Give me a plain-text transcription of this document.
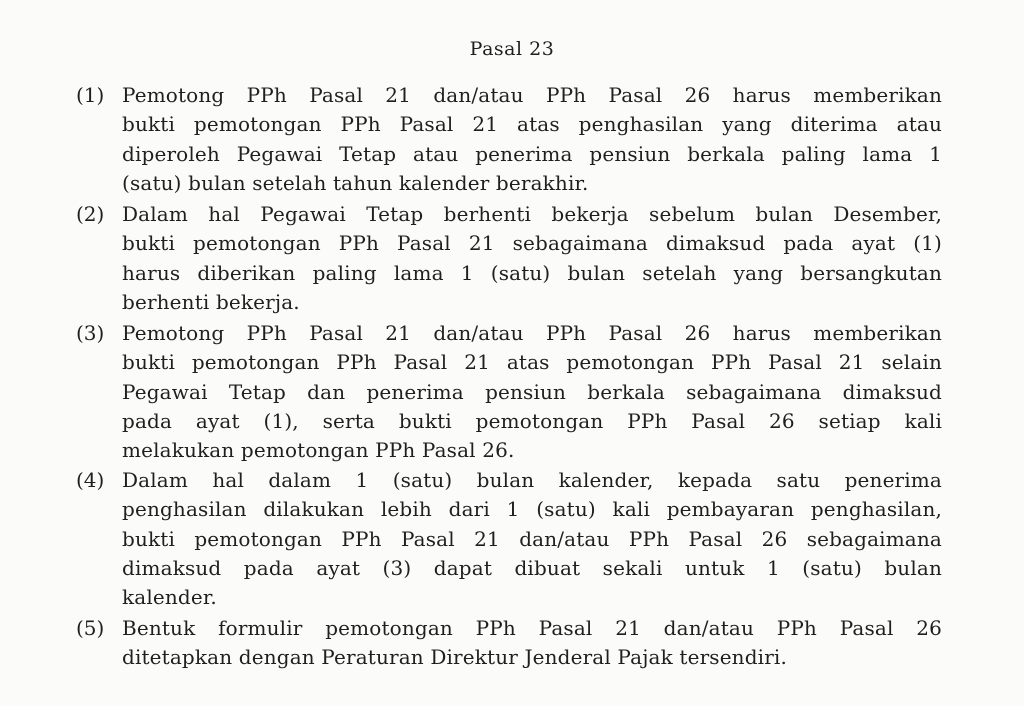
Pasal 23
(1) Pemotong PPh Pasal 21 dan/atau PPh Pasal 26 harus memberikan
bukti pemotongan PPh Pasal 21 atas penghasilan yang diterima atau
diperoleh Pegawai Tetap atau penerima pensiun berkala paling lama 1
(satu) bulan setelah tahun kalender berakhir.
(2) Dalam hal Pegawai Tetap berhenti bekerja sebelum bulan Desember,
bukti pemotongan PPh Pasal 21 sebagaimana dimaksud pada ayat (1)
harus diberikan paling lama 1 (satu) bulan setelah yang bersangkutan
berhenti bekerja.
(3) Pemotong PPh Pasal 21 dan/atau PPh Pasal 26 harus memberikan
bukti pemotongan PPh Pasal 21 atas pemotongan PPh Pasal 21 selain
Pegawai Tetap dan penerima pensiun berkala sebagaimana dimaksud
pada ayat (1), serta bukti pemotongan PPh Pasal 26 setiap kali
melakukan pemotongan PPh Pasal 26.
(4) Dalam hal dalam 1 (satu) bulan kalender, kepada satu penerima
penghasilan dilakukan lebih dari 1 (satu) kali pembayaran penghasilan,
bukti pemotongan PPh Pasal 21 dan/atau PPh Pasal 26 sebagaimana
dimaksud pada ayat (3) dapat dibuat sekali untuk 1 (satu) bulan
kalender.
(5) Bentuk formulir pemotongan PPh Pasal 21 dan/atau PPh Pasal 26
ditetapkan dengan Peraturan Direktur Jenderal Pajak tersendiri.
